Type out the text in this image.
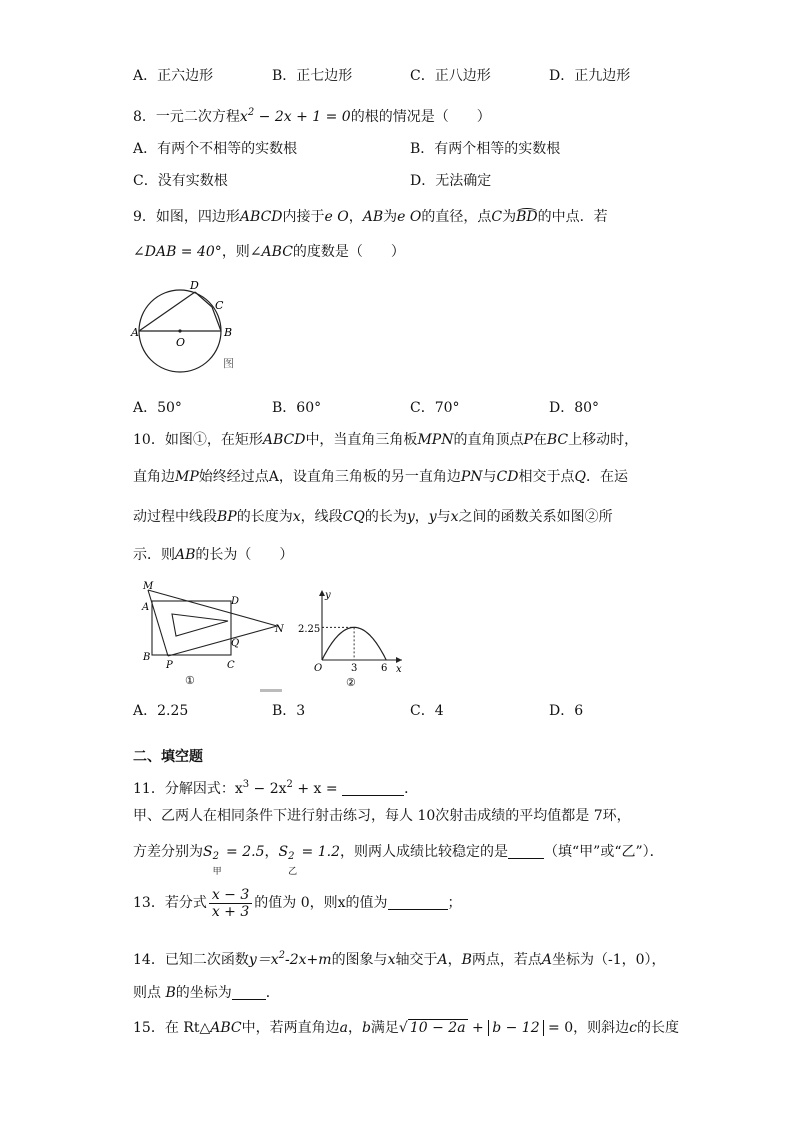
A．正六边形	B．正七边形	C．正八边形	D．正九边形
8．一元二次方程$x^2 - 2x + 1 = 0$的根的情况是（　　）
A．有两个不相等的实数根	B．有两个相等的实数根
C．没有实数根	D．无法确定
9．如图，四边形ABCD内接于e O，AB为e O的直径，点C为BD的中点．若
∠DAB = 40°，则∠ABC的度数是（　　）
A	B
C
D
O
图
A．50°	B．60°	C．70°	D．80°
10．如图①，在矩形ABCD中，当直角三角板MPN的直角顶点P在BC上移动时，
直角边MP始终经过点A，设直角三角板的另一直角边PN与CD相交于点Q．在运
动过程中线段BP的长度为x，线段CQ的长为y，y与x之间的函数关系如图②所
示．则AB的长为（　　）
M
A
D
N
Q
B
P	C
①
y
2.25
O	3 6 x
②
A．2.25	B．3	C．4	D．6
二、填空题
11．分解因式：$x^3 - 2x^2 + x$ =	．
甲、乙两人在相同条件下进行射击练习，每人 10次射击成绩的平均值都是 7环，
方差分别为S 2
甲
= 2.5，S 2
乙
= 1.2，则两人成绩比较稳定的是	（填“甲”或“乙”）．
13．若分式 $\frac{x - 3}{x + 3}$ 的值为 0，则x的值为	；
14．已知二次函数$y=x^2-2x+m$的图象与x轴交于A，B两点，若点A坐标为（-1，0），
则点 B的坐标为 ．
15．在 Rt△ABC中，若两直角边a，b满足√ 10 − 2a + b − 12 = 0，则斜边c的长度
